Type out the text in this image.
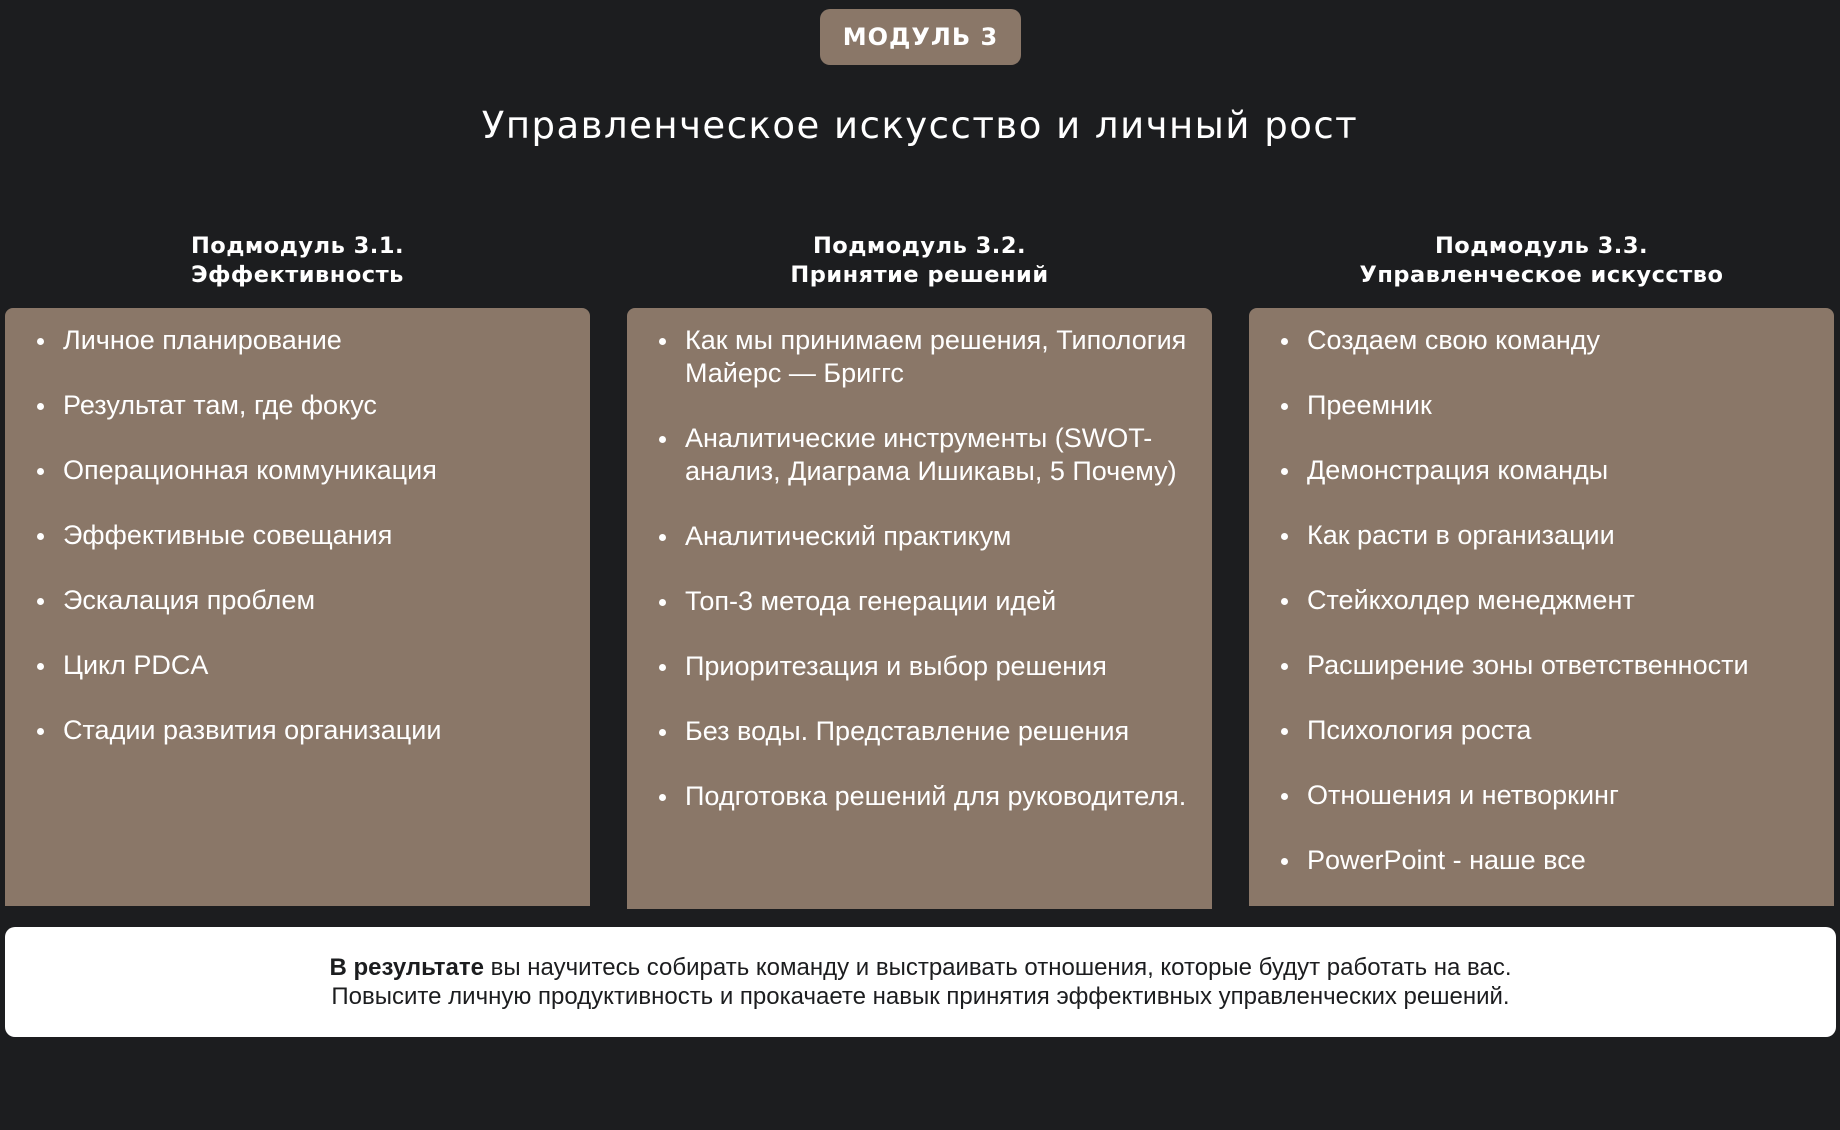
МОДУЛЬ 3
Управленческое искусство и личный рост
Подмодуль 3.1.
Эффективность
Личное планирование
Результат там, где фокус
Операционная коммуникация
Эффективные совещания
Эскалация проблем
Цикл PDCA
Стадии развития организации
Подмодуль 3.2.
Принятие решений
Как мы принимаем решения, Типология Майерс — Бриггс
Аналитические инструменты (SWOT-анализ, Диаграма Ишикавы, 5 Почему)
Аналитический практикум
Топ-3 метода генерации идей
Приоритезация и выбор решения
Без воды. Представление решения
Подготовка решений для руководителя.
Подмодуль 3.3.
Управленческое искусство
Создаем свою команду
Преемник
Демонстрация команды
Как расти в организации
Стейкхолдер менеджмент
Расширение зоны ответственности
Психология роста
Отношения и нетворкинг
PowerPoint - наше все
В результате вы научитесь собирать команду и выстраивать отношения, которые будут работать на вас.
Повысите личную продуктивность и прокачаете навык принятия эффективных управленческих решений.
